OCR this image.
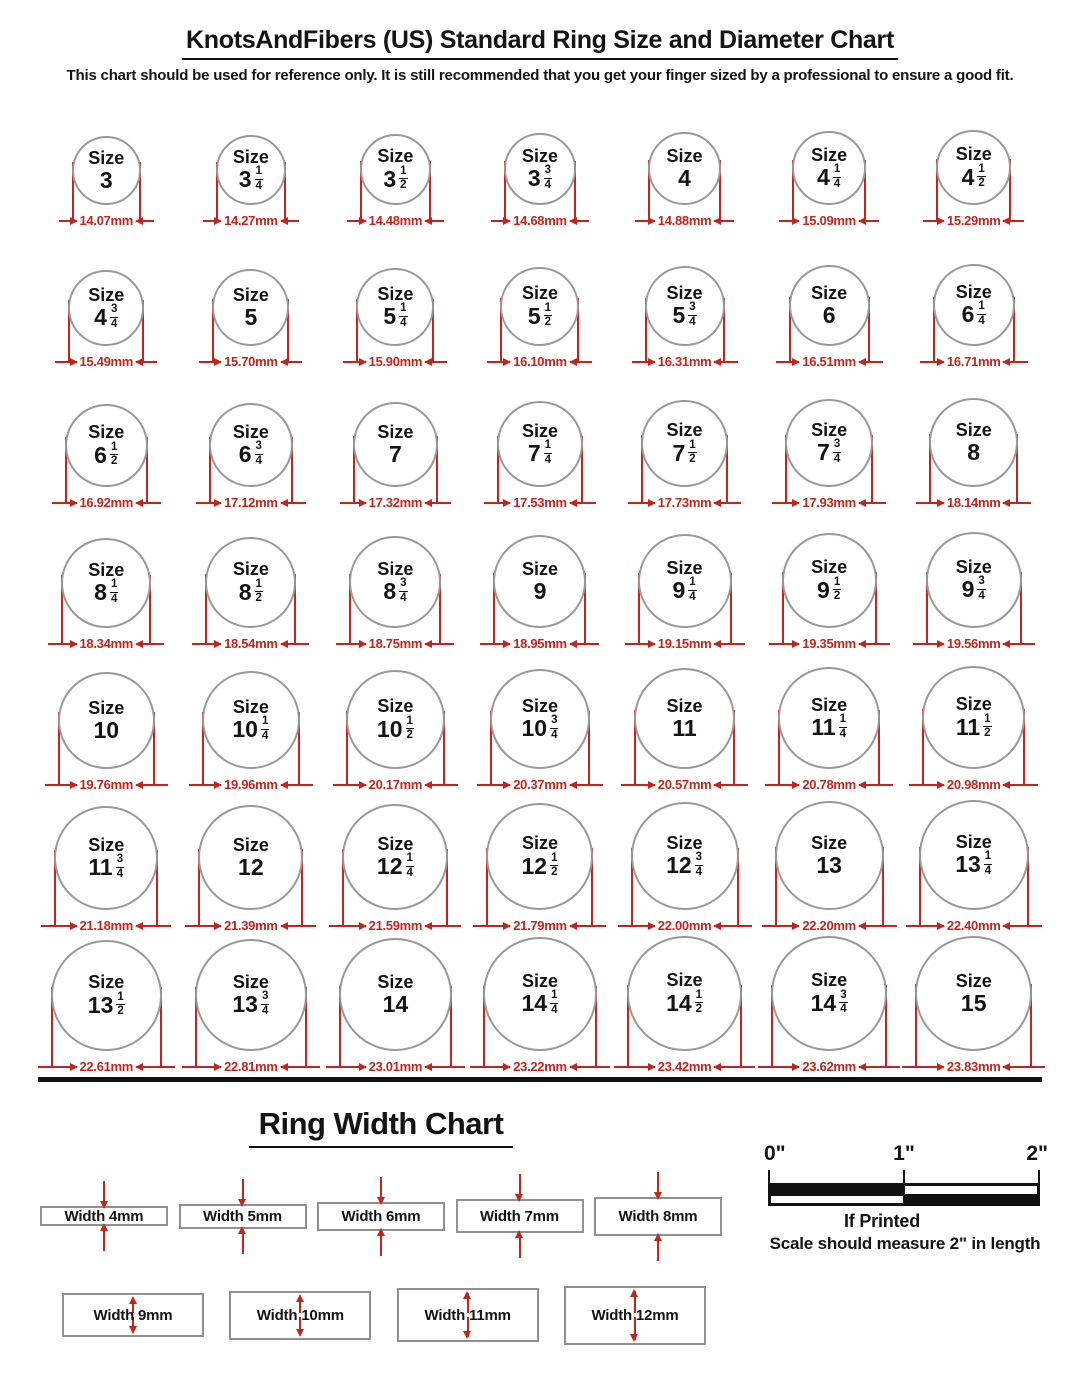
KnotsAndFibers (US) Standard Ring Size and Diameter Chart

This chart should be used for reference only. It is still recommended that you get your finger sized by a professional to ensure a good fit.

Size
3
14.07mm
Size
$3 \frac{1}{4}$
14.27mm
Size
$3 \frac{1}{2}$
14.48mm
Size
$3 \frac{3}{4}$
14.68mm
Size
4
14.88mm
Size
$4 \frac{1}{4}$
15.09mm
Size
$4 \frac{1}{2}$
15.29mm
Size
$4 \frac{3}{4}$
15.49mm
Size
5
15.70mm
Size
$5 \frac{1}{4}$
15.90mm
Size
$5 \frac{1}{2}$
16.10mm
Size
$5 \frac{3}{4}$
16.31mm
Size
6
16.51mm
Size
$6 \frac{1}{4}$
16.71mm
Size
$6 \frac{1}{2}$
16.92mm
Size
$6 \frac{3}{4}$
17.12mm
Size
7
17.32mm
Size
$7 \frac{1}{4}$
17.53mm
Size
$7 \frac{1}{2}$
17.73mm
Size
$7 \frac{3}{4}$
17.93mm
Size
8
18.14mm
Size
$8 \frac{1}{4}$
18.34mm
Size
$8 \frac{1}{2}$
18.54mm
Size
$8 \frac{3}{4}$
18.75mm
Size
9
18.95mm
Size
$9 \frac{1}{4}$
19.15mm
Size
$9 \frac{1}{2}$
19.35mm
Size
$9 \frac{3}{4}$
19.56mm
Size
10
19.76mm
Size
$10 \frac{1}{4}$
19.96mm
Size
$10 \frac{1}{2}$
20.17mm
Size
$10 \frac{3}{4}$
20.37mm
Size
11
20.57mm
Size
$11 \frac{1}{4}$
20.78mm
Size
$11 \frac{1}{2}$
20.98mm
Size
$11 \frac{3}{4}$
21.18mm
Size
12
21.39mm
Size
$12 \frac{1}{4}$
21.59mm
Size
$12 \frac{1}{2}$
21.79mm
Size
$12 \frac{3}{4}$
22.00mm
Size
13
22.20mm
Size
$13 \frac{1}{4}$
22.40mm
Size
$13 \frac{1}{2}$
22.61mm
Size
$13 \frac{3}{4}$
22.81mm
Size
14
23.01mm
Size
$14 \frac{1}{4}$
23.22mm
Size
$14 \frac{1}{2}$
23.42mm
Size
$14 \frac{3}{4}$
23.62mm
Size
15
23.83mm
Ring Width Chart
Width 4mm	Width 5mm	Width 6mm	Width 7mm	Width 8mm
Width 9mm	Width 10mm	Width 11mm	Width 12mm
0"	1"	2"
If Printed
Scale should measure 2" in length
